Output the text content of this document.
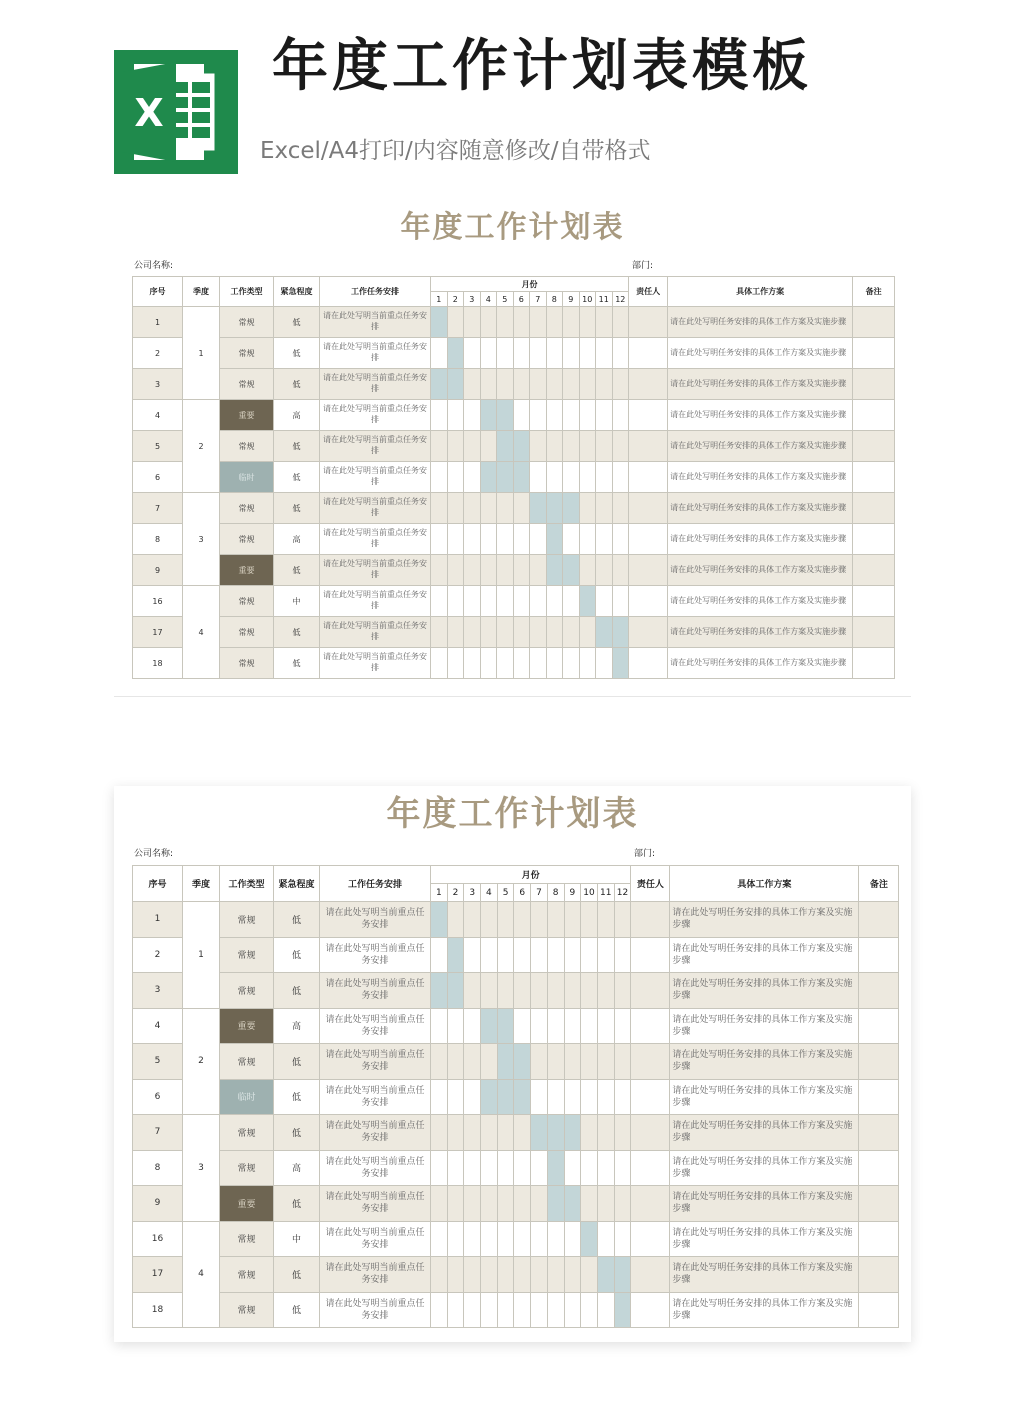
X
年度工作计划表模板
Excel/A4打印/内容随意修改/自带格式
年度工作计划表
公司名称:	部门:
序号	季度	工作类型	紧急程度	工作任务安排	月份												责任人	具体工作方案	备注
					1	2	3	4	5	6	7	8	9	10	11	12			
1	1	常规	低	请在此处写明当前重点任务安排														请在此处写明任务安排的具体工作方案及实施步骤	
2		常规	低	请在此处写明当前重点任务安排														请在此处写明任务安排的具体工作方案及实施步骤	
3		常规	低	请在此处写明当前重点任务安排														请在此处写明任务安排的具体工作方案及实施步骤	
4	2	重要	高	请在此处写明当前重点任务安排														请在此处写明任务安排的具体工作方案及实施步骤	
5		常规	低	请在此处写明当前重点任务安排														请在此处写明任务安排的具体工作方案及实施步骤	
6		临时	低	请在此处写明当前重点任务安排														请在此处写明任务安排的具体工作方案及实施步骤	
7	3	常规	低	请在此处写明当前重点任务安排														请在此处写明任务安排的具体工作方案及实施步骤	
8		常规	高	请在此处写明当前重点任务安排														请在此处写明任务安排的具体工作方案及实施步骤	
9		重要	低	请在此处写明当前重点任务安排														请在此处写明任务安排的具体工作方案及实施步骤	
16	4	常规	中	请在此处写明当前重点任务安排														请在此处写明任务安排的具体工作方案及实施步骤	
17		常规	低	请在此处写明当前重点任务安排														请在此处写明任务安排的具体工作方案及实施步骤	
18		常规	低	请在此处写明当前重点任务安排														请在此处写明任务安排的具体工作方案及实施步骤	
年度工作计划表
公司名称:	部门:
序号	季度	工作类型	紧急程度	工作任务安排	月份												责任人	具体工作方案	备注
					1	2	3	4	5	6	7	8	9	10	11	12			
1	1	常规	低	请在此处写明当前重点任务安排														请在此处写明任务安排的具体工作方案及实施步骤	
2		常规	低	请在此处写明当前重点任务安排														请在此处写明任务安排的具体工作方案及实施步骤	
3		常规	低	请在此处写明当前重点任务安排														请在此处写明任务安排的具体工作方案及实施步骤	
4	2	重要	高	请在此处写明当前重点任务安排														请在此处写明任务安排的具体工作方案及实施步骤	
5		常规	低	请在此处写明当前重点任务安排														请在此处写明任务安排的具体工作方案及实施步骤	
6		临时	低	请在此处写明当前重点任务安排														请在此处写明任务安排的具体工作方案及实施步骤	
7	3	常规	低	请在此处写明当前重点任务安排														请在此处写明任务安排的具体工作方案及实施步骤	
8		常规	高	请在此处写明当前重点任务安排														请在此处写明任务安排的具体工作方案及实施步骤	
9		重要	低	请在此处写明当前重点任务安排														请在此处写明任务安排的具体工作方案及实施步骤	
16	4	常规	中	请在此处写明当前重点任务安排														请在此处写明任务安排的具体工作方案及实施步骤	
17		常规	低	请在此处写明当前重点任务安排														请在此处写明任务安排的具体工作方案及实施步骤	
18		常规	低	请在此处写明当前重点任务安排														请在此处写明任务安排的具体工作方案及实施步骤	
